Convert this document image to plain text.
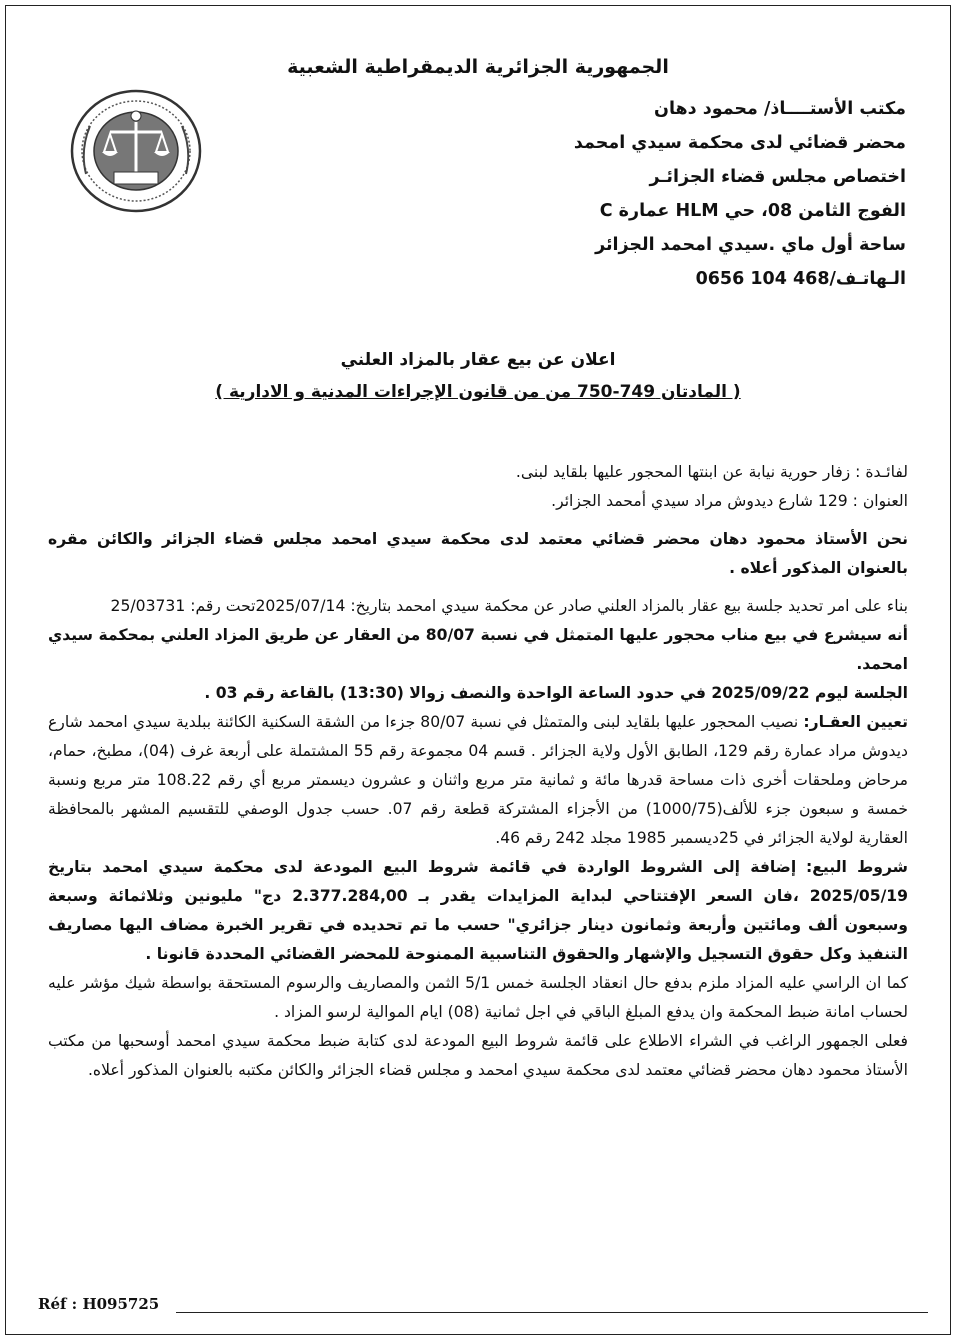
الجمهورية الجزائرية الديمقراطية الشعبية
مكتب الأستــــاذ/ محمود دهان
محضر قضائي لدى محكمة سيدي امحمد
اختصاص مجلس قضاء الجزائـر
الفوج الثامن 08، حي HLM عمارة C
ساحة أول ماي .سيدي امحمد الجزائر
الـهاتـف/468 104 0656
اعلان عن بيع عقار بالمزاد العلني
( المادتان 749-750 من من قانون الإجراءات المدنية و الادارية )
لفائـدة : زفار حورية نيابة عن ابنتها المحجور عليها بلقايد لبنى.
العنوان : 129 شارع ديدوش مراد سيدي أمحمد الجزائر.
نحن الأستاذ محمود دهان محضر قضائي معتمد لدى محكمة سيدي امحمد مجلس قضاء الجزائر والكائن مقره بالعنوان المذكور أعلاه .
بناء على امر تحديد جلسة بيع عقار بالمزاد العلني صادر عن محكمة سيدي امحمد بتاريخ: 2025/07/14تحت رقم: 25/03731
أنه سيشرع في بيع مناب محجور عليها المتمثل في نسبة 80/07 من العقار عن طريق المزاد العلني بمحكمة سيدي امحمد.
الجلسة ليوم 2025/09/22 في حدود الساعة الواحدة والنصف زوالا (13:30) بالقاعة رقم 03 .
تعيين العقـار: نصيب المحجور عليها بلقايد لبنى والمتمثل في نسبة 80/07 جزءا من الشقة السكنية الكائنة ببلدية سيدي امحمد شارع ديدوش مراد عمارة رقم 129، الطابق الأول ولاية الجزائر . قسم 04 مجموعة رقم 55 المشتملة على أربعة غرف (04)، مطبخ، حمام، مرحاض وملحقات أخرى ذات مساحة قدرها مائة و ثمانية متر مربع واثنان و عشرون ديسمتر مربع أي رقم 108.22 متر مربع ونسبة خمسة و سبعون جزء للألف(1000/75) من الأجزاء المشتركة قطعة رقم 07. حسب جدول الوصفي للتقسيم المشهر بالمحافظة العقارية لولاية الجزائر في 25ديسمبر 1985 مجلد 242 رقم 46.
شروط البيع: إضافة إلى الشروط الواردة في قائمة شروط البيع المودعة لدى محكمة سيدي امحمد بتاريخ 2025/05/19 ،فان السعر الإفتتاحي لبداية المزايدات يقدر بـ 2.377.284,00 دج" مليونين وثلاثمائة وسبعة وسبعون ألف ومائتين وأربعة وثمانون دينار جزائري" حسب ما تم تحديده في تقرير الخبرة مضاف اليها مصاريف التنفيذ وكل حقوق التسجيل والإشهار والحقوق التناسبية الممنوحة للمحضر القضائي المحددة قانونا .
كما ان الراسي عليه المزاد ملزم بدفع حال انعقاد الجلسة خمس 5/1 الثمن والمصاريف والرسوم المستحقة بواسطة شيك مؤشر عليه لحساب امانة ضبط المحكمة وان يدفع المبلغ الباقي في اجل ثمانية (08) ايام الموالية لرسو المزاد .
فعلى الجمهور الراغب في الشراء الاطلاع على قائمة شروط البيع المودعة لدى كتابة ضبط محكمة سيدي امحمد أوسحبها من مكتب الأستاذ محمود دهان محضر قضائي معتمد لدى محكمة سيدي امحمد و مجلس قضاء الجزائر والكائن مكتبه بالعنوان المذكور أعلاه.
Réf : H095725
